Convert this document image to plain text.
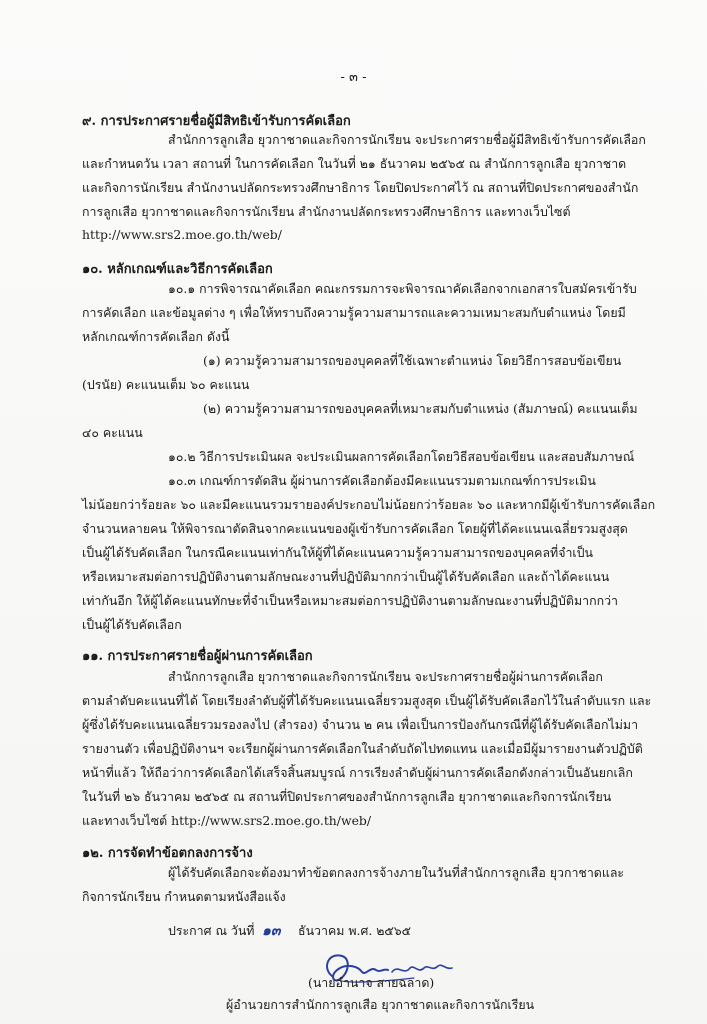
- ๓ -
๙. การประกาศรายชื่อผู้มีสิทธิเข้ารับการคัดเลือก
สำนักการลูกเสือ ยุวกาชาดและกิจการนักเรียน จะประกาศรายชื่อผู้มีสิทธิเข้ารับการคัดเลือก
และกำหนดวัน เวลา สถานที่ ในการคัดเลือก ในวันที่ ๒๑ ธันวาคม ๒๕๖๕ ณ สำนักการลูกเสือ ยุวกาชาด
และกิจการนักเรียน สำนักงานปลัดกระทรวงศึกษาธิการ โดยปิดประกาศไว้ ณ สถานที่ปิดประกาศของสำนัก
การลูกเสือ ยุวกาชาดและกิจการนักเรียน สำนักงานปลัดกระทรวงศึกษาธิการ และทางเว็บไซต์
http://www.srs2.moe.go.th/web/
๑๐. หลักเกณฑ์และวิธีการคัดเลือก
๑๐.๑ การพิจารณาคัดเลือก คณะกรรมการจะพิจารณาคัดเลือกจากเอกสารใบสมัครเข้ารับ
การคัดเลือก และข้อมูลต่าง ๆ เพื่อให้ทราบถึงความรู้ความสามารถและความเหมาะสมกับตำแหน่ง โดยมี
หลักเกณฑ์การคัดเลือก ดังนี้
(๑) ความรู้ความสามารถของบุคคลที่ใช้เฉพาะตำแหน่ง โดยวิธีการสอบข้อเขียน
(ปรนัย) คะแนนเต็ม ๖๐ คะแนน
(๒) ความรู้ความสามารถของบุคคลที่เหมาะสมกับตำแหน่ง (สัมภาษณ์) คะแนนเต็ม
๔๐ คะแนน
๑๐.๒ วิธีการประเมินผล จะประเมินผลการคัดเลือกโดยวิธีสอบข้อเขียน และสอบสัมภาษณ์
๑๐.๓ เกณฑ์การตัดสิน ผู้ผ่านการคัดเลือกต้องมีคะแนนรวมตามเกณฑ์การประเมิน
ไม่น้อยกว่าร้อยละ ๖๐ และมีคะแนนรวมรายองค์ประกอบไม่น้อยกว่าร้อยละ ๖๐ และหากมีผู้เข้ารับการคัดเลือก
จำนวนหลายคน ให้พิจารณาตัดสินจากคะแนนของผู้เข้ารับการคัดเลือก โดยผู้ที่ได้คะแนนเฉลี่ยรวมสูงสุด
เป็นผู้ได้รับคัดเลือก ในกรณีคะแนนเท่ากันให้ผู้ที่ได้คะแนนความรู้ความสามารถของบุคคลที่จำเป็น
หรือเหมาะสมต่อการปฏิบัติงานตามลักษณะงานที่ปฏิบัติมากกว่าเป็นผู้ได้รับคัดเลือก และถ้าได้คะแนน
เท่ากันอีก ให้ผู้ได้คะแนนทักษะที่จำเป็นหรือเหมาะสมต่อการปฏิบัติงานตามลักษณะงานที่ปฏิบัติมากกว่า
เป็นผู้ได้รับคัดเลือก
๑๑. การประกาศรายชื่อผู้ผ่านการคัดเลือก
สำนักการลูกเสือ ยุวกาชาดและกิจการนักเรียน จะประกาศรายชื่อผู้ผ่านการคัดเลือก
ตามลำดับคะแนนที่ได้ โดยเรียงลำดับผู้ที่ได้รับคะแนนเฉลี่ยรวมสูงสุด เป็นผู้ได้รับคัดเลือกไว้ในลำดับแรก และ
ผู้ซึ่งได้รับคะแนนเฉลี่ยรวมรองลงไป (สำรอง) จำนวน ๒ คน เพื่อเป็นการป้องกันกรณีที่ผู้ได้รับคัดเลือกไม่มา
รายงานตัว เพื่อปฏิบัติงานฯ จะเรียกผู้ผ่านการคัดเลือกในลำดับถัดไปทดแทน และเมื่อมีผู้มารายงานตัวปฏิบัติ
หน้าที่แล้ว ให้ถือว่าการคัดเลือกได้เสร็จสิ้นสมบูรณ์ การเรียงลำดับผู้ผ่านการคัดเลือกดังกล่าวเป็นอันยกเลิก
ในวันที่ ๒๖ ธันวาคม ๒๕๖๕ ณ สถานที่ปิดประกาศของสำนักการลูกเสือ ยุวกาชาดและกิจการนักเรียน
และทางเว็บไซต์ http://www.srs2.moe.go.th/web/
๑๒. การจัดทำข้อตกลงการจ้าง
ผู้ได้รับคัดเลือกจะต้องมาทำข้อตกลงการจ้างภายในวันที่สำนักการลูกเสือ ยุวกาชาดและ
กิจการนักเรียน กำหนดตามหนังสือแจ้ง
ประกาศ ณ วันที่ ๑๓ ธันวาคม พ.ศ. ๒๕๖๕
(นายอำนาจ สายฉลาด)
ผู้อำนวยการสำนักการลูกเสือ ยุวกาชาดและกิจการนักเรียน
